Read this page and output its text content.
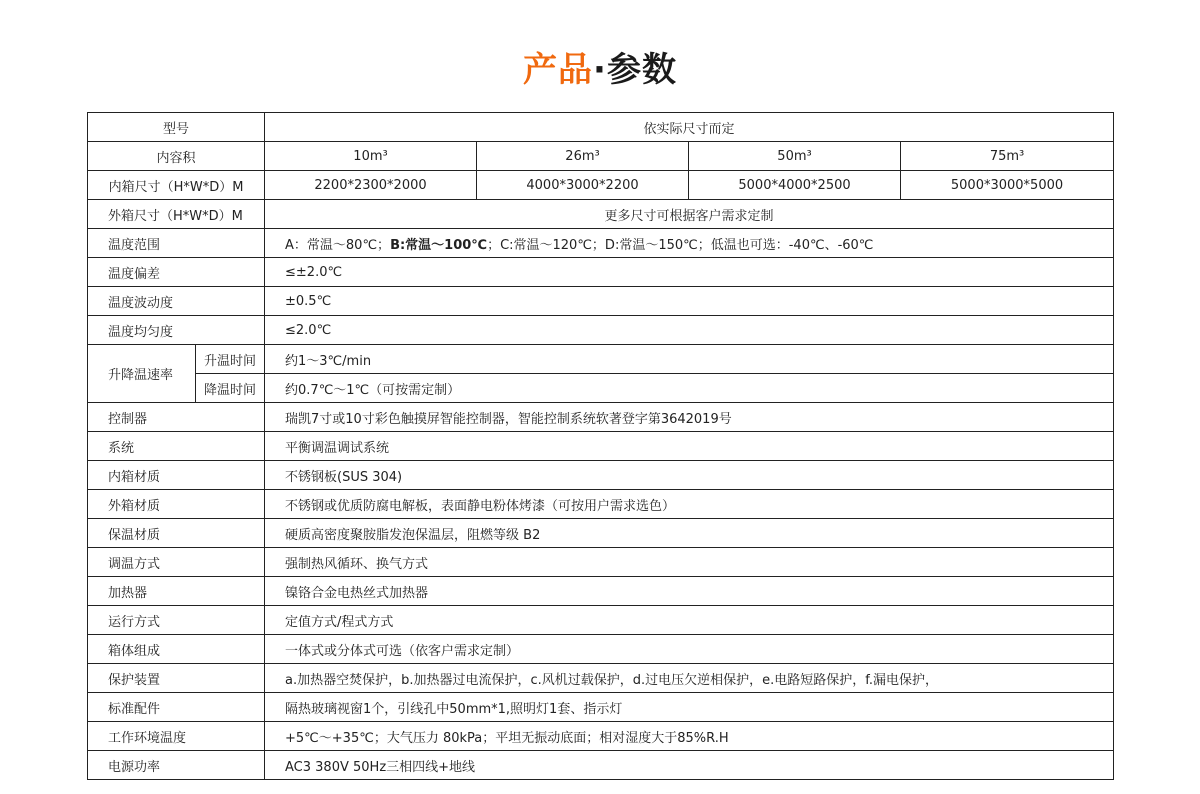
产品·参数
型号		依实际尺寸而定			
内容积		10m³	26m³	50m³	75m³
内箱尺寸（H*W*D）M		2200*2300*2000	4000*3000*2200	5000*4000*2500	5000*3000*5000
外箱尺寸（H*W*D）M		更多尺寸可根据客户需求定制			
温度范围		A：常温～80℃；B:常温～100℃；C:常温～120℃；D:常温～150℃；低温也可选：-40℃、-60℃			
温度偏差		≤±2.0℃			
温度波动度		±0.5℃			
温度均匀度		≤2.0℃			
升降温速率	升温时间	约1～3℃/min			
	降温时间	约0.7℃～1℃（可按需定制）			
控制器		瑞凯7寸或10寸彩色触摸屏智能控制器，智能控制系统软著登字第3642019号			
系统		平衡调温调试系统			
内箱材质		不锈钢板(SUS 304)			
外箱材质		不锈钢或优质防腐电解板，表面静电粉体烤漆（可按用户需求选色）			
保温材质		硬质高密度聚胺脂发泡保温层，阻燃等级 B2			
调温方式		强制热风循环、换气方式			
加热器		镍铬合金电热丝式加热器			
运行方式		定值方式/程式方式			
箱体组成		一体式或分体式可选（依客户需求定制）			
保护装置		a.加热器空焚保护，b.加热器过电流保护，c.风机过载保护，d.过电压欠逆相保护，e.电路短路保护，f.漏电保护，			
标准配件		隔热玻璃视窗1个，引线孔中50mm*1,照明灯1套、指示灯			
工作环境温度		+5℃～+35℃；大气压力 80kPa；平坦无振动底面；相对湿度大于85%R.H			
电源功率		AC3 380V 50Hz三相四线+地线			
